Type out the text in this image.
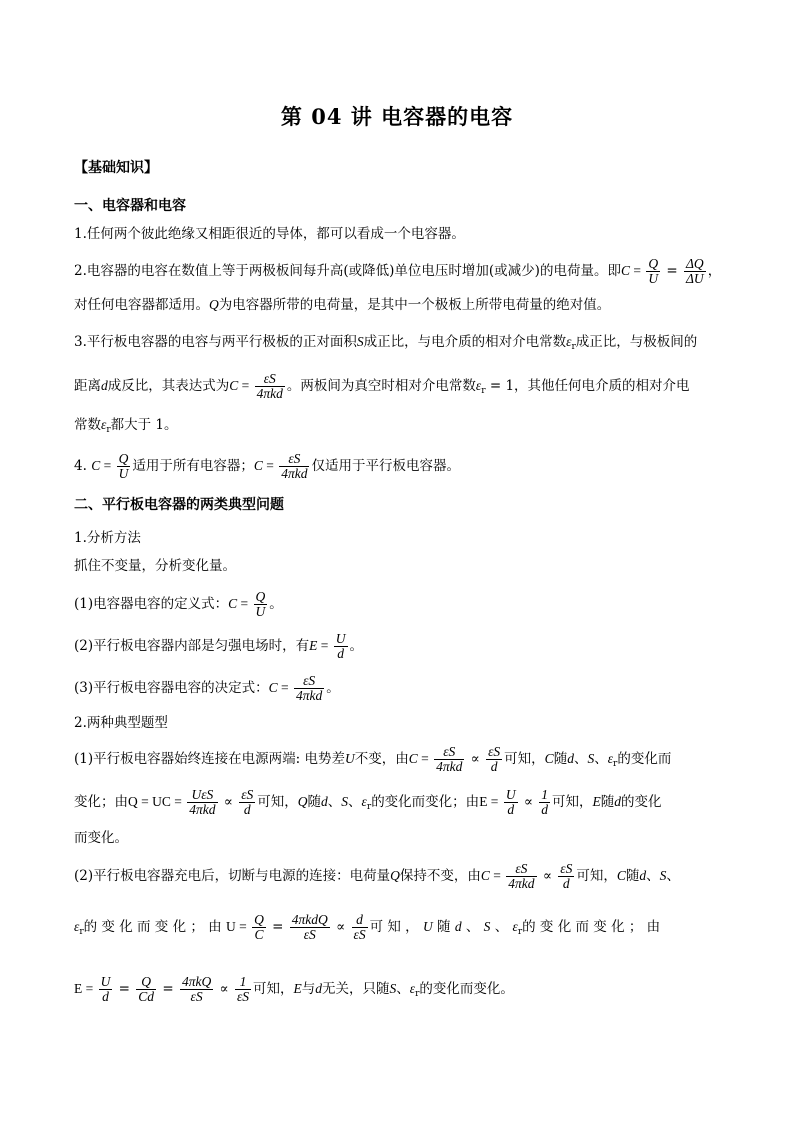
第 04 讲 电容器的电容
【基础知识】
一、电容器和电容
1.任何两个彼此绝缘又相距很近的导体，都可以看成一个电容器。
2.电容器的电容在数值上等于两极板间每升高(或降低)单位电压时增加(或减少)的电荷量。即$C = \frac{Q}{U} = \frac{\Delta Q}{\Delta U}$ ，
对任何电容器都适用。Q为电容器所带的电荷量，是其中一个极板上所带电荷量的绝对值。
3.平行板电容器的电容与两平行极板的正对面积S成正比，与电介质的相对介电常数$\varepsilon_r$成正比，与极板间的
距离d成反比，其表达式为$C = \frac{\varepsilon S}{\text{4πkd}}$ 。两板间为真空时相对介电常数$\varepsilon_r = 1$，其他任何电介质的相对介电
常数$\varepsilon_r$都大于 1。
4. $C = \frac{Q}{U}$ 适用于所有电容器；$C = \frac{\varepsilon S}{\text{4πkd}}$ 仅适用于平行板电容器。
二、平行板电容器的两类典型问题
1.分析方法
抓住不变量，分析变化量。
(1)电容器电容的定义式：$C = \frac{Q}{U}$ 。
(2)平行板电容器内部是匀强电场时，有$E = \frac{U}{d}$ 。
(3)平行板电容器电容的决定式：$C = \frac{\varepsilon S}{\text{4πkd}}$ 。
2.两种典型题型
(1)平行板电容器始终连接在电源两端: 电势差U不变，由$C = \frac{\varepsilon S}{\text{4πkd}} \propto \frac{\varepsilon S}{d}$ 可知，C随d、S、$\varepsilon_r$的变化而
变化；由Q = UC = $\frac{\text{UεS}}{\text{4πkd}} \propto \frac{\varepsilon S}{d}$ 可知，Q随d、S、$\varepsilon_r$的变化而变化；由$E = \frac{U}{d} \propto \frac{1}{d}$ 可知，E随d的变化
而变化。
(2)平行板电容器充电后，切断与电源的连接：电荷量Q保持不变，由$C = \frac{\varepsilon S}{\text{4πkd}} \propto \frac{\varepsilon S}{d}$ 可知，C随d、S、
$\varepsilon_r$的 变 化 而 变 化 ； 由 $U = \frac{Q}{C} = \frac{\text{4πkdQ}}{\varepsilon S} \propto \frac{d}{\varepsilon S}$ 可 知 ， U 随 d 、 S 、 $\varepsilon_r$的 变 化 而 变 化 ； 由
$E = \frac{U}{d} = \frac{Q}{Cd} = \frac{\text{4πkQ}}{\varepsilon S} \propto \frac{1}{\varepsilon S}$ 可知，E与d无关，只随S、$\varepsilon_r$的变化而变化。
